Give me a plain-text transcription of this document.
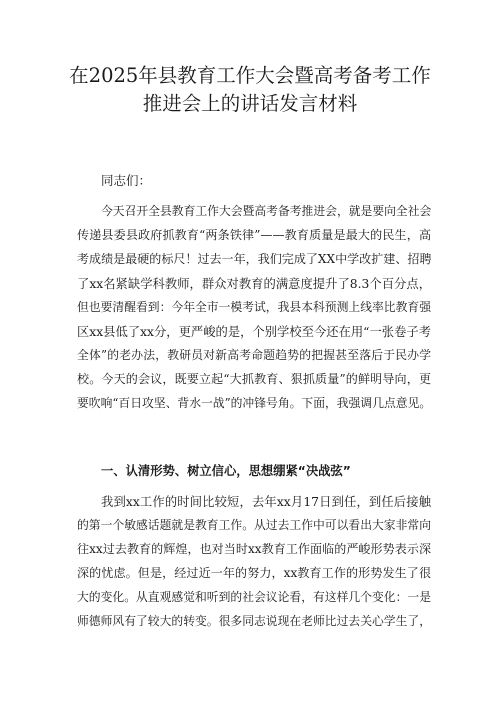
在2025年县教育工作大会暨高考备考工作
推进会上的讲话发言材料

同志们：

今天召开全县教育工作大会暨高考备考推进会，就是要向全社会

传递县委县政府抓教育“两条铁律”——教育质量是最大的民生，高

考成绩是最硬的标尺！过去一年，我们完成了XX中学改扩建、招聘

了xx名紧缺学科教师，群众对教育的满意度提升了8.3个百分点，

但也要清醒看到：今年全市一模考试，我县本科预测上线率比教育强

区xx县低了xx分，更严峻的是，个别学校至今还在用“一张卷子考

全体”的老办法，教研员对新高考命题趋势的把握甚至落后于民办学

校。今天的会议，既要立起“大抓教育、狠抓质量”的鲜明导向，更

要吹响“百日攻坚、背水一战”的冲锋号角。下面，我强调几点意见。

一、认清形势、树立信心，思想绷紧“决战弦”

我到xx工作的时间比较短，去年xx月17日到任，到任后接触

的第一个敏感话题就是教育工作。从过去工作中可以看出大家非常向

往xx过去教育的辉煌，也对当时xx教育工作面临的严峻形势表示深

深的忧虑。但是，经过近一年的努力，xx教育工作的形势发生了很

大的变化。从直观感觉和听到的社会议论看，有这样几个变化：一是

师德师风有了较大的转变。很多同志说现在老师比过去关心学生了，
